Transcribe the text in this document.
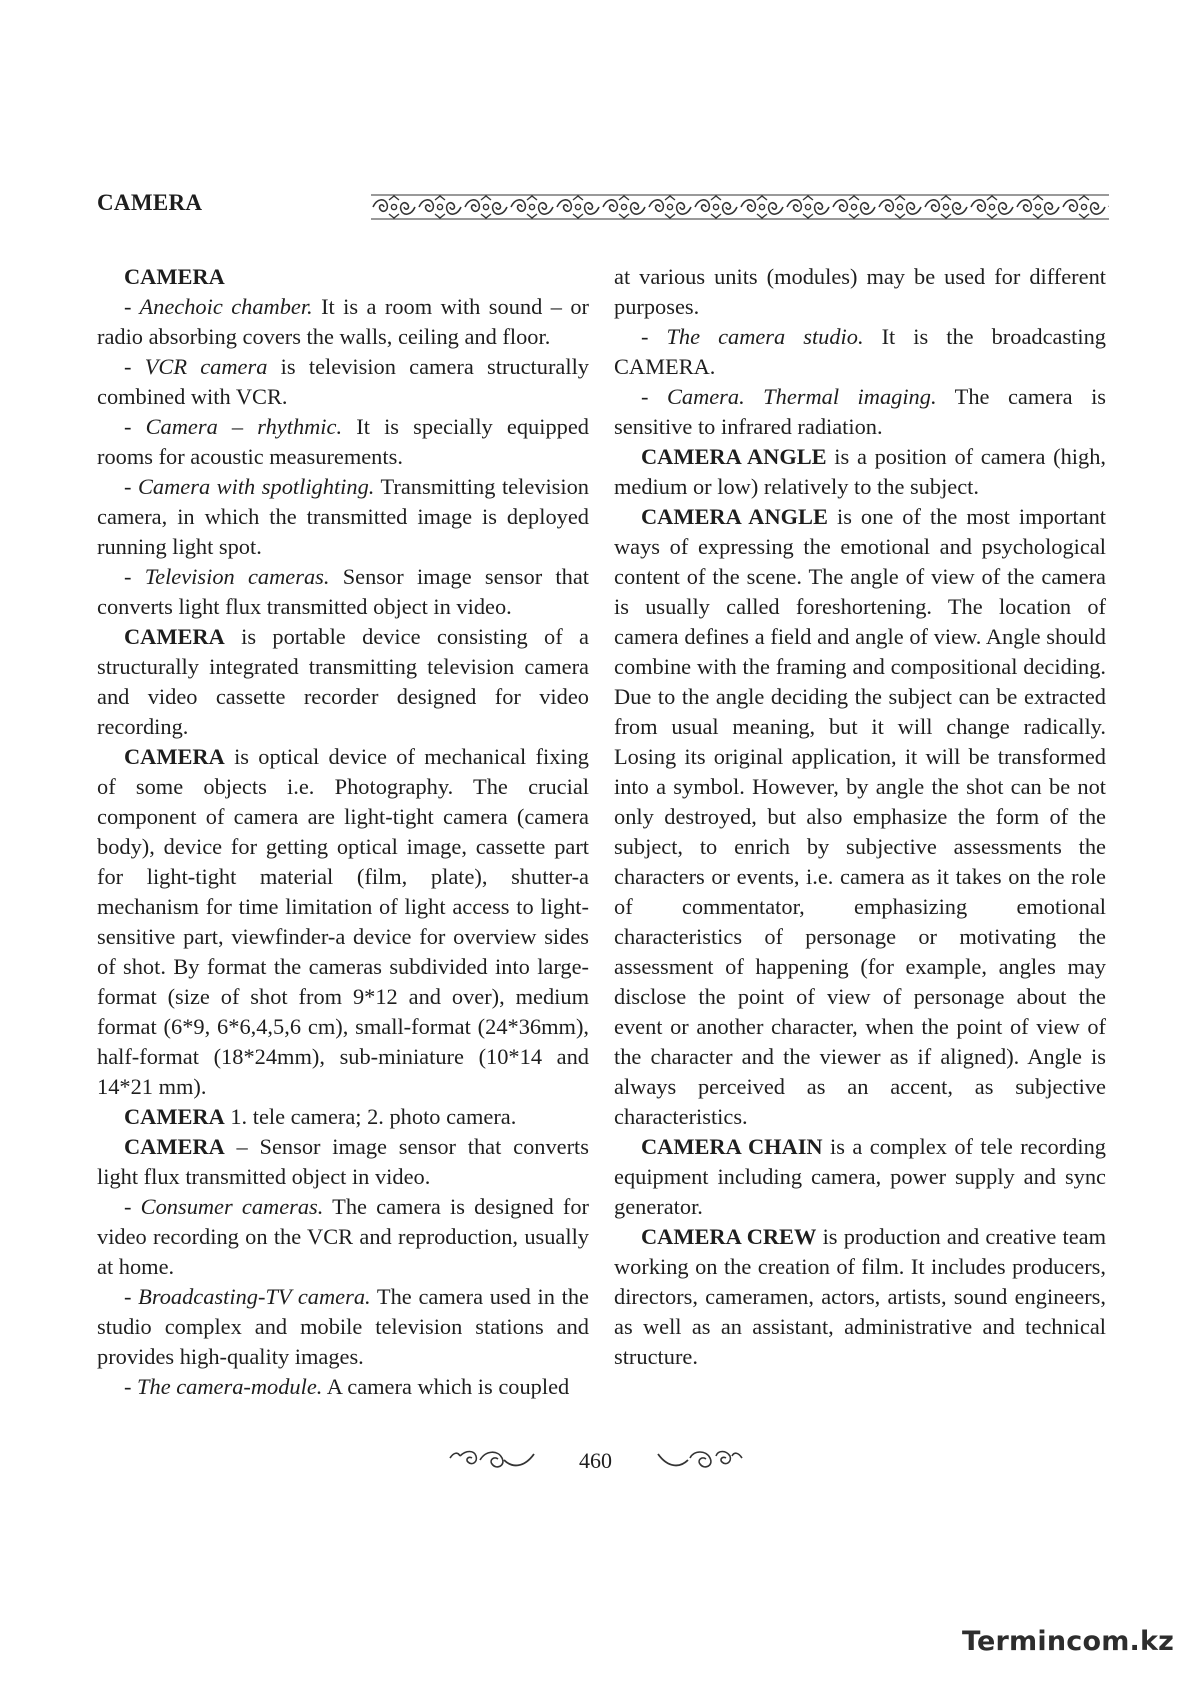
CAMERA

CAMERA

- Anechoic chamber. It is a room with sound – or radio absorbing covers the walls, ceiling and floor.

- VCR camera is television camera structurally combined with VCR.

- Camera – rhythmic. It is specially equipped rooms for acoustic measurements.

- Camera with spotlighting. Transmitting television camera, in which the transmitted image is deployed running light spot.

- Television cameras. Sensor image sensor that converts light flux transmitted object in video.

CAMERA is portable device consisting of a structurally integrated transmitting television camera and video cassette recorder designed for video recording.

CAMERA is optical device of mechanical fixing of some objects i.e. Photography. The crucial component of camera are light-tight camera (camera body), device for getting optical image, cassette part for light-tight material (film, plate), shutter-a mechanism for time limitation of light access to light-sensitive part, viewfinder-a device for overview sides of shot. By format the cameras subdivided into large-format (size of shot from 9*12 and over), medium format (6*9, 6*6,4,5,6 cm), small-format (24*36mm), half-format (18*24mm), sub-miniature (10*14 and 14*21 mm).

CAMERA 1. tele camera; 2. photo camera.

CAMERA – Sensor image sensor that converts light flux transmitted object in video.

- Consumer cameras. The camera is designed for video recording on the VCR and reproduction, usually at home.

- Broadcasting-TV camera. The camera used in the studio complex and mobile television stations and provides high-quality images.

- The camera-module. A camera which is coupled

at various units (modules) may be used for different purposes.

- The camera studio. It is the broadcasting CAMERA.

- Camera. Thermal imaging. The camera is sensitive to infrared radiation.

CAMERA ANGLE is a position of camera (high, medium or low) relatively to the subject.

CAMERA ANGLE is one of the most important ways of expressing the emotional and psychological content of the scene. The angle of view of the camera is usually called foreshortening. The location of camera defines a field and angle of view. Angle should combine with the framing and compositional deciding. Due to the angle deciding the subject can be extracted from usual meaning, but it will change radically. Losing its original application, it will be transformed into a symbol. However, by angle the shot can be not only destroyed, but also emphasize the form of the subject, to enrich by subjective assessments the characters or events, i.e. camera as it takes on the role of commentator, emphasizing emotional characteristics of personage or motivating the assessment of happening (for example, angles may disclose the point of view of personage about the event or another character, when the point of view of the character and the viewer as if aligned). Angle is always perceived as an accent, as subjective characteristics.

CAMERA CHAIN is a complex of tele recording equipment including camera, power supply and sync generator.

CAMERA CREW is production and creative team working on the creation of film. It includes producers, directors, cameramen, actors, artists, sound engineers, as well as an assistant, administrative and technical structure.

460
Termincom.kz
